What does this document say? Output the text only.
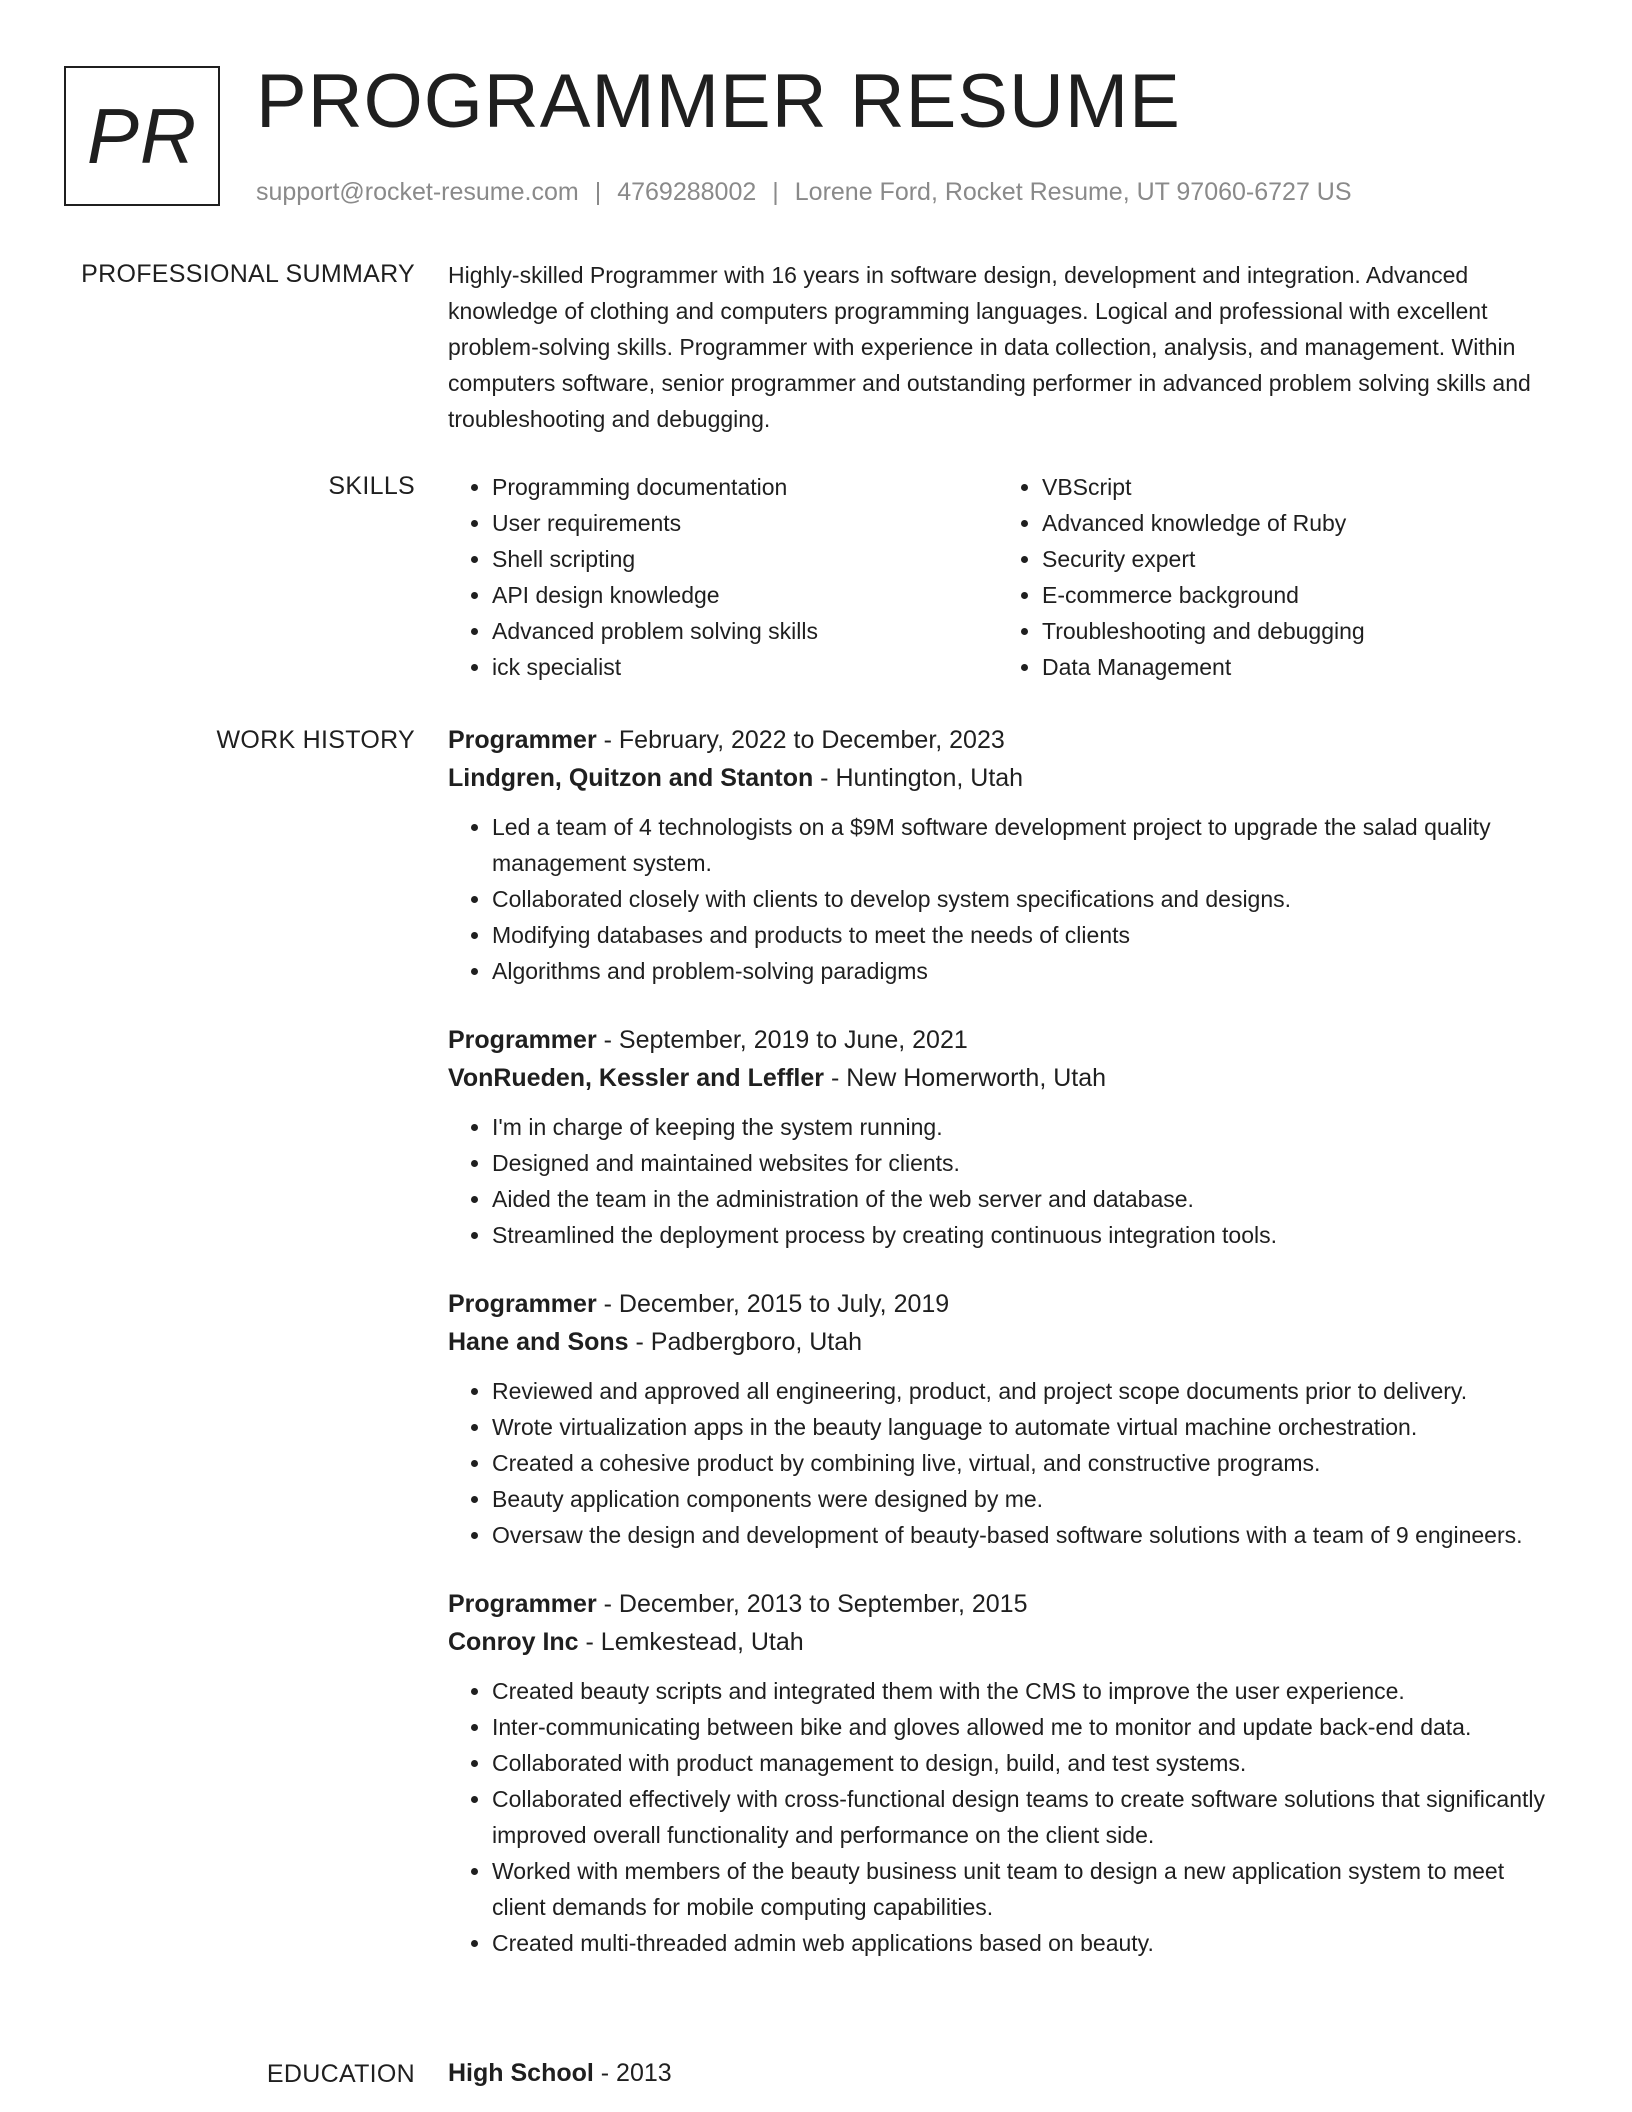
PR PROGRAMMER RESUME
support@rocket-resume.com | 4769288002 | Lorene Ford, Rocket Resume, UT 97060-6727 US
PROFESSIONAL SUMMARY Highly-skilled Programmer with 16 years in software design, development and integration. Advanced knowledge of clothing and computers programming languages. Logical and professional with excellent problem-solving skills. Programmer with experience in data collection, analysis, and management. Within computers software, senior programmer and outstanding performer in advanced problem solving skills and troubleshooting and debugging.

SKILLS
•	Programming documentation
• User requirements
• Shell scripting
• API design knowledge
• Advanced problem solving skills
• ick specialist
• VBScript
• Advanced knowledge of Ruby
• Security expert
• E-commerce background
• Troubleshooting and debugging
• Data Management
WORK HISTORY Programmer - February, 2022 to December, 2023

Lindgren, Quitzon and Stanton - Huntington, Utah

• Led a team of 4 technologists on a $9M software development project to upgrade the salad quality management system.
• Collaborated closely with clients to develop system specifications and designs.
• Modifying databases and products to meet the needs of clients
• Algorithms and problem-solving paradigms

Programmer - September, 2019 to June, 2021

VonRueden, Kessler and Leffler - New Homerworth, Utah

• I'm in charge of keeping the system running.
• Designed and maintained websites for clients.
• Aided the team in the administration of the web server and database.
• Streamlined the deployment process by creating continuous integration tools.

Programmer - December, 2015 to July, 2019

Hane and Sons - Padbergboro, Utah

• Reviewed and approved all engineering, product, and project scope documents prior to delivery.
• Wrote virtualization apps in the beauty language to automate virtual machine orchestration.
• Created a cohesive product by combining live, virtual, and constructive programs.
• Beauty application components were designed by me.
• Oversaw the design and development of beauty-based software solutions with a team of 9 engineers.

Programmer - December, 2013 to September, 2015

Conroy Inc - Lemkestead, Utah

• Created beauty scripts and integrated them with the CMS to improve the user experience.
• Inter-communicating between bike and gloves allowed me to monitor and update back-end data.
• Collaborated with product management to design, build, and test systems.
• Collaborated effectively with cross-functional design teams to create software solutions that significantly improved overall functionality and performance on the client side.
• Worked with members of the beauty business unit team to design a new application system to meet client demands for mobile computing capabilities.
• Created multi-threaded admin web applications based on beauty.
EDUCATION High School - 2013
